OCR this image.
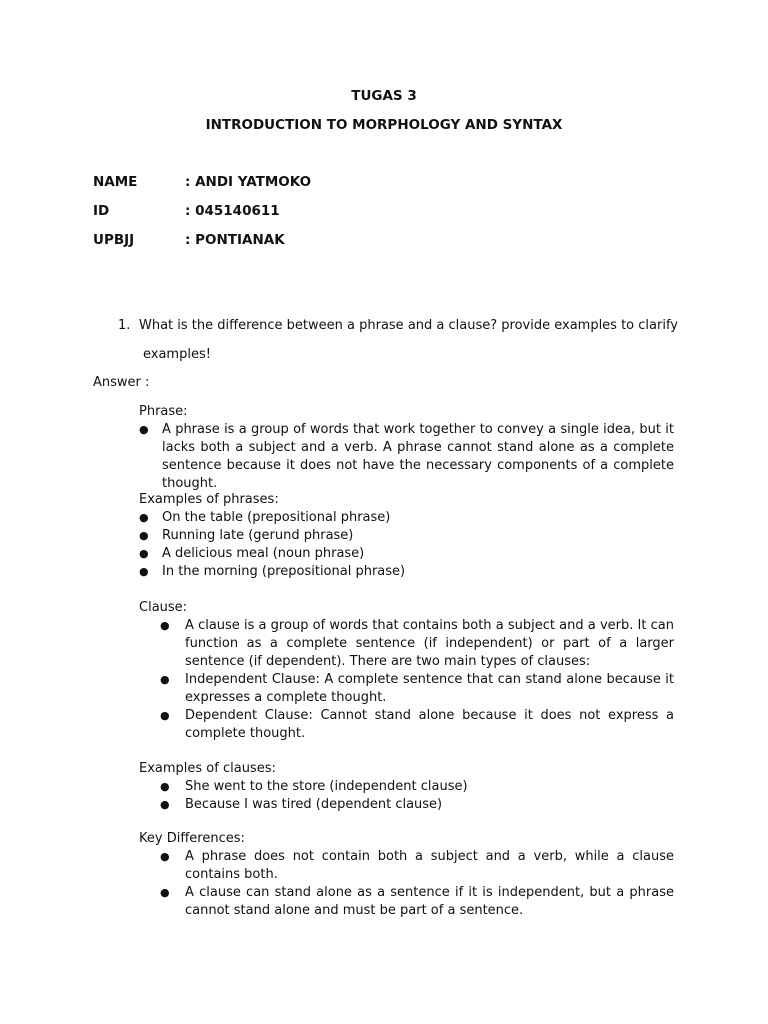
TUGAS 3
INTRODUCTION TO MORPHOLOGY AND SYNTAX
NAME	: ANDI YATMOKO
ID	: 045140611
UPBJJ	: PONTIANAK
1. What is the difference between a phrase and a clause? provide examples to clarify
examples!
Answer :
Phrase:
● A phrase is a group of words that work together to convey a single idea, but it lacks both a subject and a verb. A phrase cannot stand alone as a complete sentence because it does not have the necessary components of a complete thought.
Examples of phrases:
● On the table (prepositional phrase)
● Running late (gerund phrase)
● A delicious meal (noun phrase)
● In the morning (prepositional phrase)
Clause:
● A clause is a group of words that contains both a subject and a verb. It can function as a complete sentence (if independent) or part of a larger sentence (if dependent). There are two main types of clauses:
● Independent Clause: A complete sentence that can stand alone because it expresses a complete thought.
● Dependent Clause: Cannot stand alone because it does not express a complete thought.
Examples of clauses:
● She went to the store (independent clause)
● Because I was tired (dependent clause)
Key Differences:
● A phrase does not contain both a subject and a verb, while a clause contains both.
● A clause can stand alone as a sentence if it is independent, but a phrase cannot stand alone and must be part of a sentence.
